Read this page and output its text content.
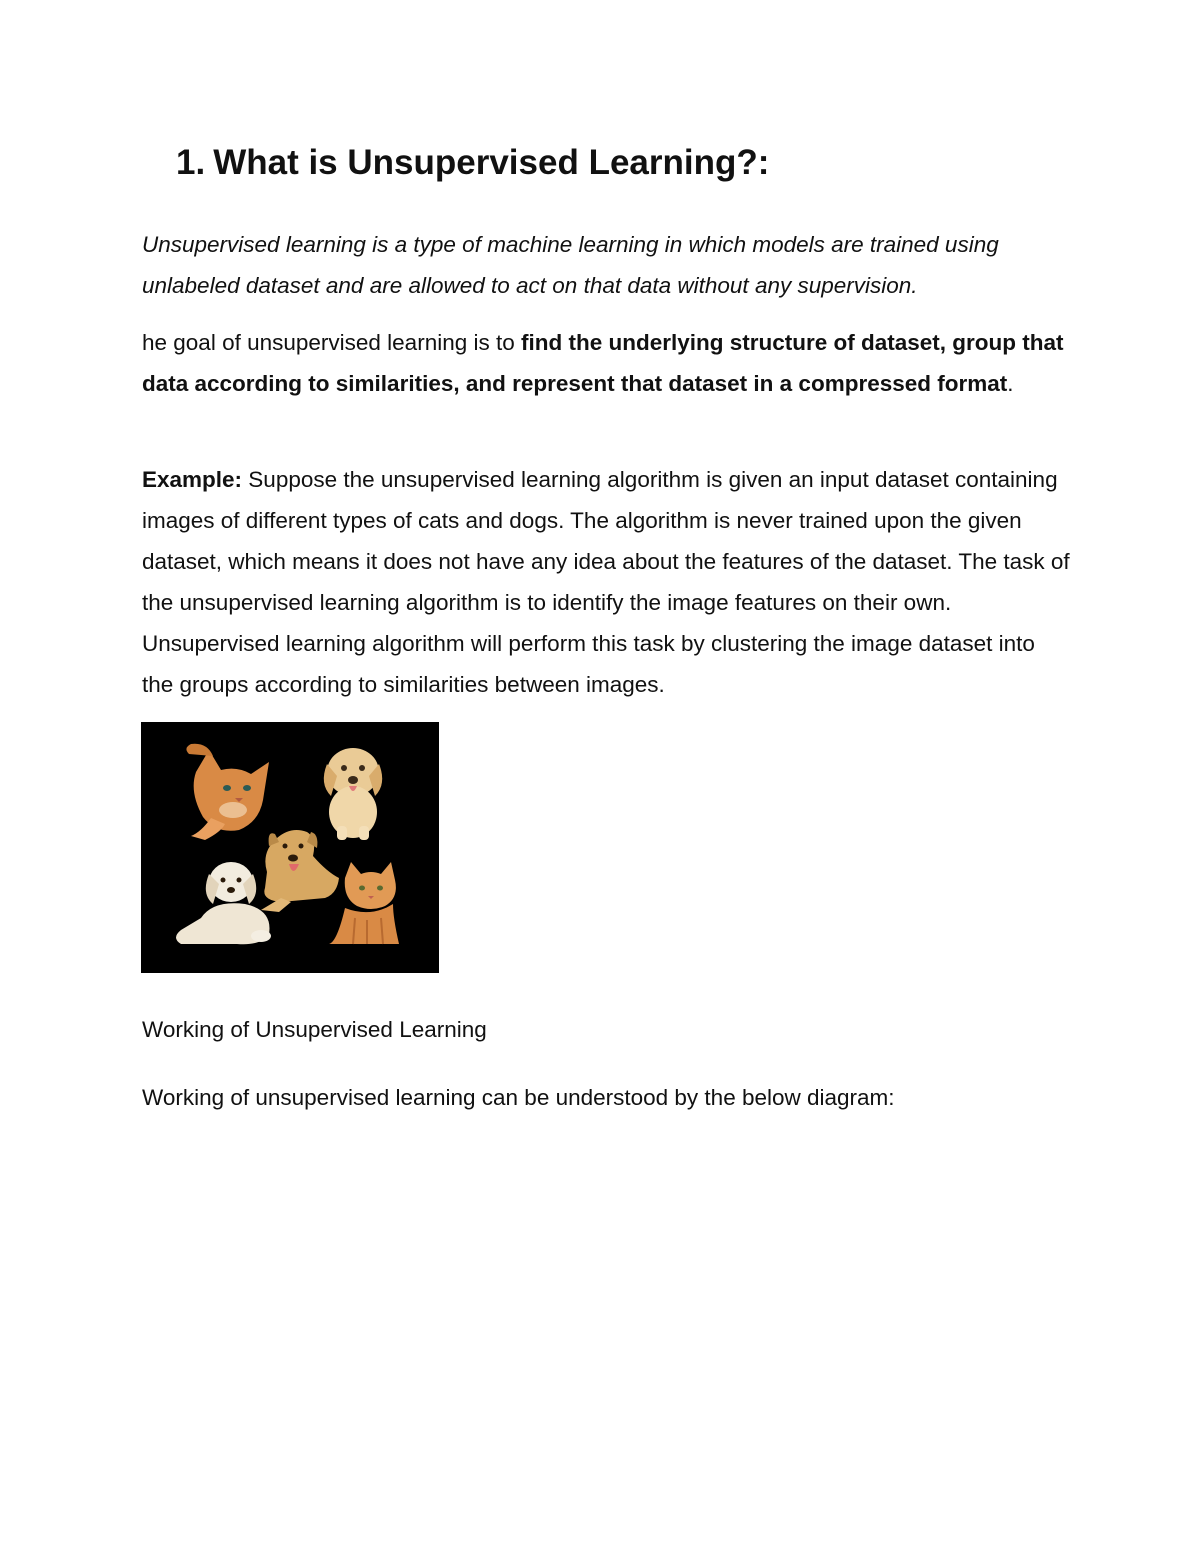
1. What is Unsupervised Learning?:

Unsupervised learning is a type of machine learning in which models are trained using
unlabeled dataset and are allowed to act on that data without any supervision.

he goal of unsupervised learning is to find the underlying structure of dataset, group that data according to similarities, and represent that dataset in a compressed format.

Example: Suppose the unsupervised learning algorithm is given an input dataset containing images of different types of cats and dogs. The algorithm is never trained upon the given dataset, which means it does not have any idea about the features of the dataset. The task of the unsupervised learning algorithm is to identify the image features on their own. Unsupervised learning algorithm will perform this task by clustering the image dataset into the groups according to similarities between images.

Working of Unsupervised Learning

Working of unsupervised learning can be understood by the below diagram:
